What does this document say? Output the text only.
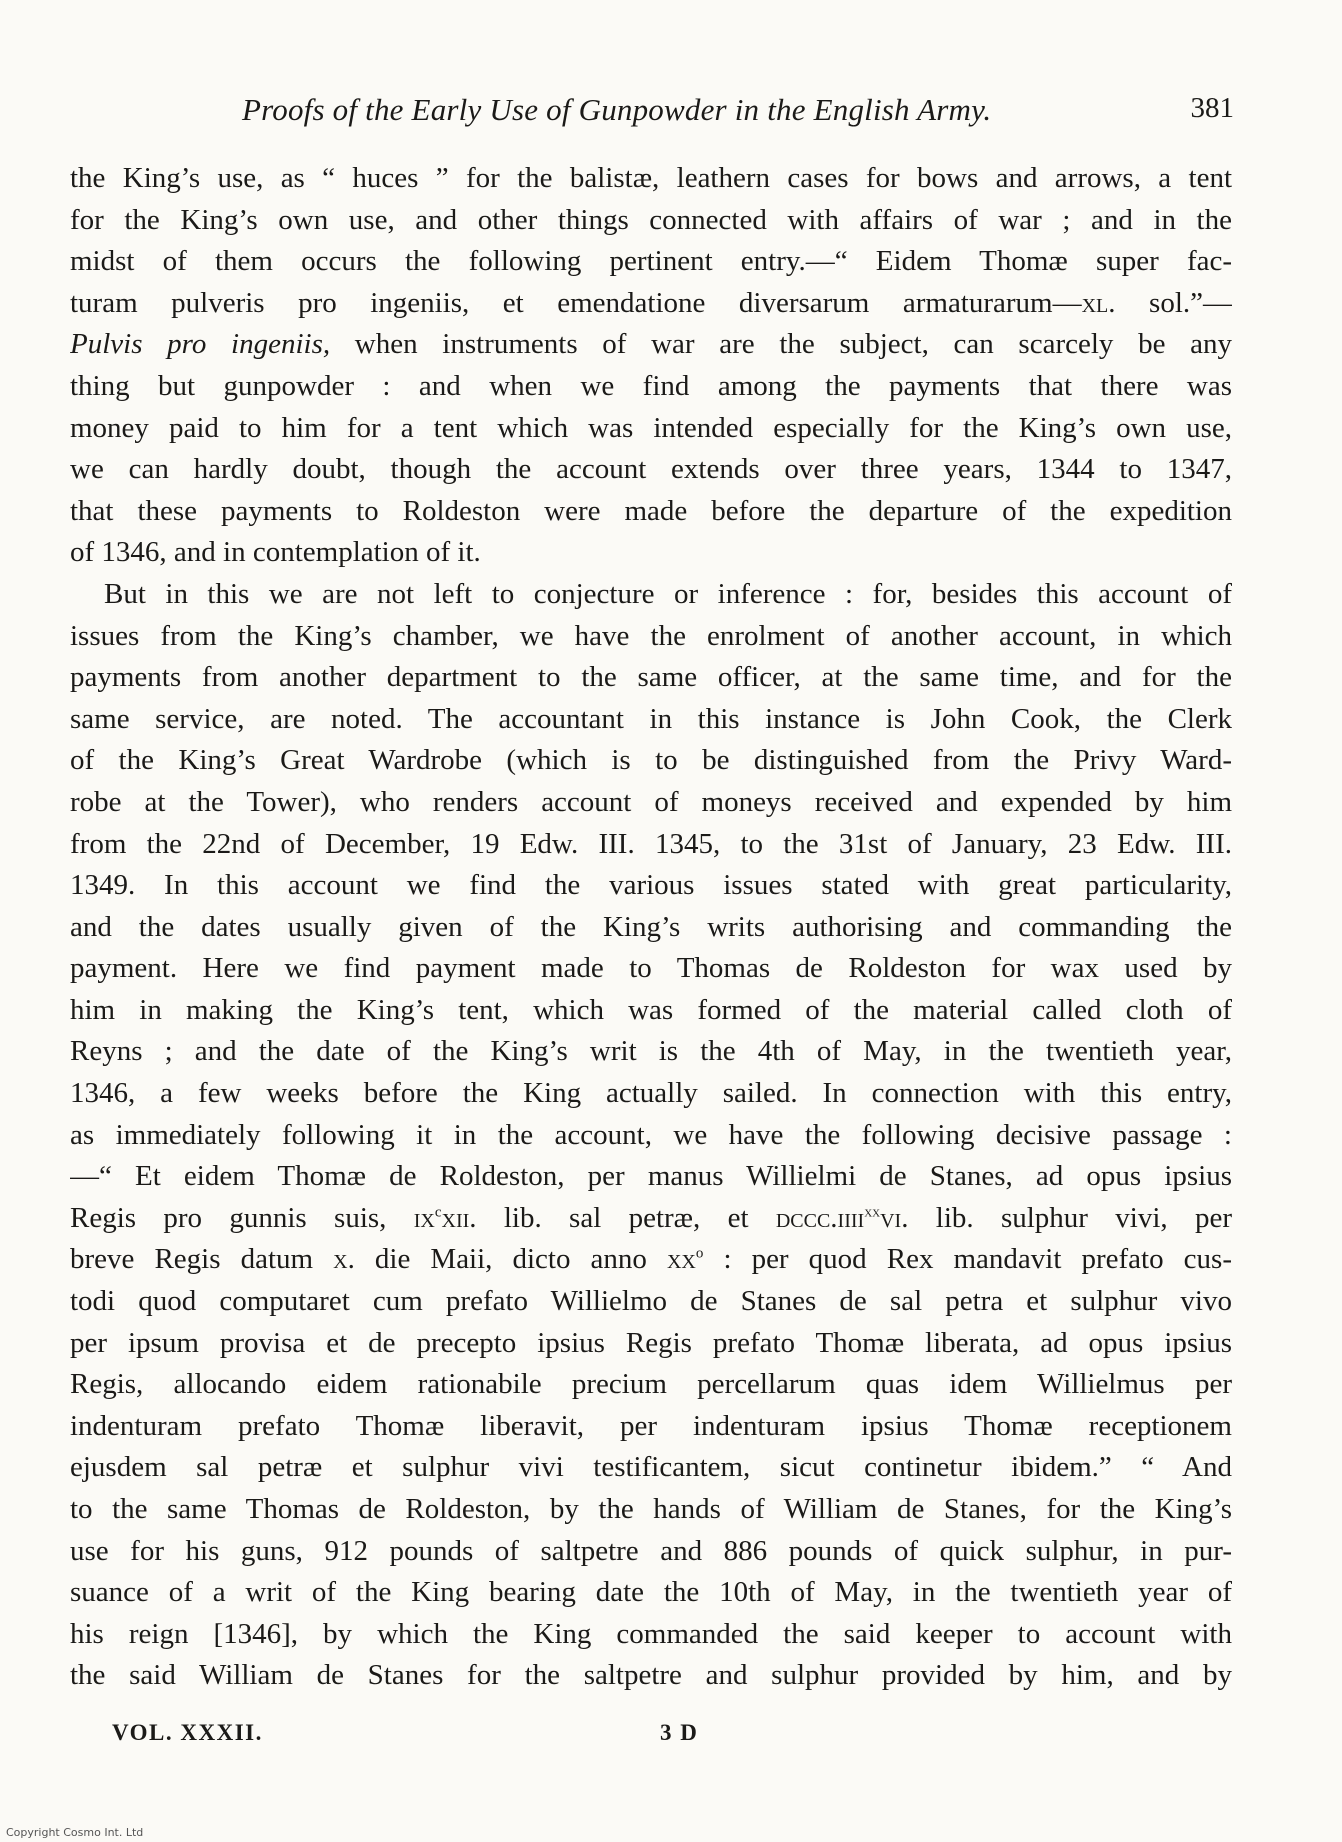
Proofs of the Early Use of Gunpowder in the English Army.	381
the King’s use, as “ huces ” for the balistæ, leathern cases for bows and arrows, a tent
for the King’s own use, and other things connected with affairs of war ; and in the
midst of them occurs the following pertinent entry.—“ Eidem Thomæ super fac-
turam pulveris pro ingeniis, et emendatione diversarum armaturarum—xl. sol.”—
Pulvis pro ingeniis, when instruments of war are the subject, can scarcely be any
thing but gunpowder : and when we find among the payments that there was
money paid to him for a tent which was intended especially for the King’s own use,
we can hardly doubt, though the account extends over three years, 1344 to 1347,
that these payments to Roldeston were made before the departure of the expedition
of 1346, and in contemplation of it.
But in this we are not left to conjecture or inference : for, besides this account of
issues from the King’s chamber, we have the enrolment of another account, in which
payments from another department to the same officer, at the same time, and for the
same service, are noted. The accountant in this instance is John Cook, the Clerk
of the King’s Great Wardrobe (which is to be distinguished from the Privy Ward-
robe at the Tower), who renders account of moneys received and expended by him
from the 22nd of December, 19 Edw. III. 1345, to the 31st of January, 23 Edw. III.
1349. In this account we find the various issues stated with great particularity,
and the dates usually given of the King’s writs authorising and commanding the
payment. Here we find payment made to Thomas de Roldeston for wax used by
him in making the King’s tent, which was formed of the material called cloth of
Reyns ; and the date of the King’s writ is the 4th of May, in the twentieth year,
1346, a few weeks before the King actually sailed. In connection with this entry,
as immediately following it in the account, we have the following decisive passage :
—“ Et eidem Thomæ de Roldeston, per manus Willielmi de Stanes, ad opus ipsius
Regis pro gunnis suis, $ix^cxii$. lib. sal petræ, et dccc.iiii$^{xx}$vi. lib. sulphur vivi, per
breve Regis datum x. die Maii, dicto anno $xx^o$ : per quod Rex mandavit prefato cus-
todi quod computaret cum prefato Willielmo de Stanes de sal petra et sulphur vivo
per ipsum provisa et de precepto ipsius Regis prefato Thomæ liberata, ad opus ipsius
Regis, allocando eidem rationabile precium percellarum quas idem Willielmus per
indenturam prefato Thomæ liberavit, per indenturam ipsius Thomæ receptionem
ejusdem sal petræ et sulphur vivi testificantem, sicut continetur ibidem.” “ And
to the same Thomas de Roldeston, by the hands of William de Stanes, for the King’s
use for his guns, 912 pounds of saltpetre and 886 pounds of quick sulphur, in pur-
suance of a writ of the King bearing date the 10th of May, in the twentieth year of
his reign [1346], by which the King commanded the said keeper to account with
the said William de Stanes for the saltpetre and sulphur provided by him, and by
VOL. XXXII.	3 D
Copyright Cosmo Int. Ltd
